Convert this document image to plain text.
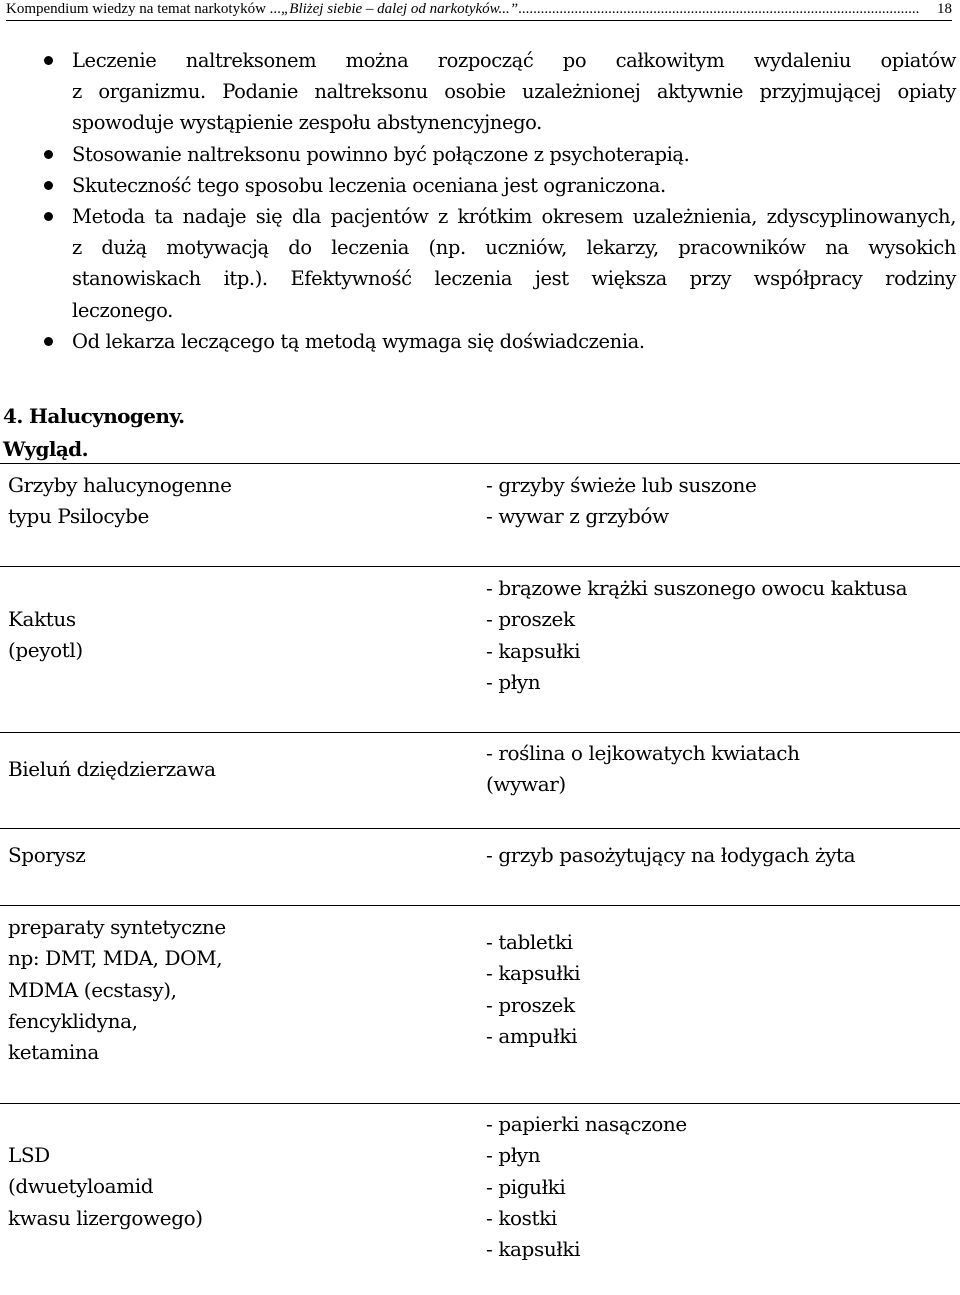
Kompendium wiedzy na temat narkotyków ...„Bliżej siebie – dalej od narkotyków...”........................................................................................................... 18
Leczenie naltreksonem można rozpocząć po całkowitym wydaleniu opiatów
z organizmu. Podanie naltreksonu osobie uzależnionej aktywnie przyjmującej opiaty
spowoduje wystąpienie zespołu abstynencyjnego.
Stosowanie naltreksonu powinno być połączone z psychoterapią.
Skuteczność tego sposobu leczenia oceniana jest ograniczona.
Metoda ta nadaje się dla pacjentów z krótkim okresem uzależnienia, zdyscyplinowanych,
z dużą motywacją do leczenia (np. uczniów, lekarzy, pracowników na wysokich
stanowiskach itp.). Efektywność leczenia jest większa przy współpracy rodziny
leczonego.
Od lekarza leczącego tą metodą wymaga się doświadczenia.
4. Halucynogeny.
Wygląd.
Grzyby halucynogenne
typu Psilocybe
- grzyby świeże lub suszone
- wywar z grzybów
Kaktus
(peyotl)
- brązowe krążki suszonego owocu kaktusa
- proszek
- kapsułki
- płyn
Bieluń dziędzierzawa
- roślina o lejkowatych kwiatach
(wywar)
Sporysz	- grzyb pasożytujący na łodygach żyta
preparaty syntetyczne
np: DMT, MDA, DOM,
MDMA (ecstasy),
fencyklidyna,
ketamina
- tabletki
- kapsułki
- proszek
- ampułki
LSD
(dwuetyloamid
kwasu lizergowego)
- papierki nasączone
- płyn
- pigułki
- kostki
- kapsułki
